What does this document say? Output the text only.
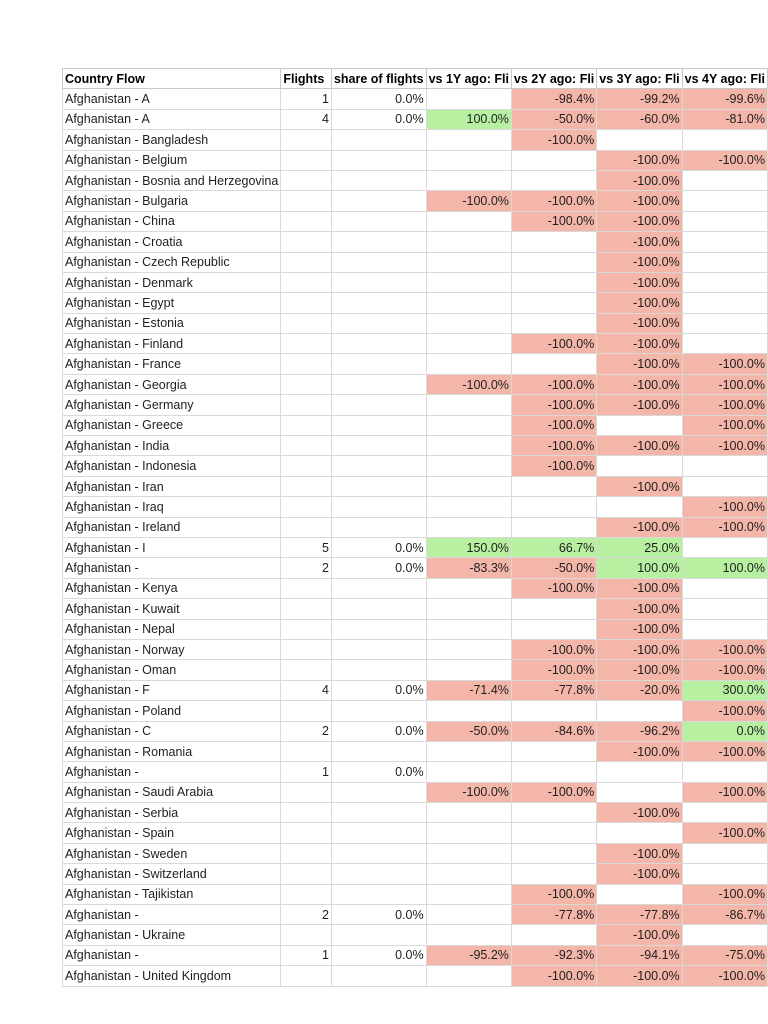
Country Flow	Flights	share of flights	vs 1Y ago: Fli	vs 2Y ago: Fli	vs 3Y ago: Fli	vs 4Y ago: Fli
Afghanistan - A	1	0.0%		-98.4%	-99.2%	-99.6%
Afghanistan - A	4	0.0%	100.0%	-50.0%	-60.0%	-81.0%
Afghanistan - Bangladesh				-100.0%		
Afghanistan - Belgium					-100.0%	-100.0%
Afghanistan - Bosnia and Herzegovina					-100.0%	
Afghanistan - Bulgaria			-100.0%	-100.0%	-100.0%	
Afghanistan - China				-100.0%	-100.0%	
Afghanistan - Croatia					-100.0%	
Afghanistan - Czech Republic					-100.0%	
Afghanistan - Denmark					-100.0%	
Afghanistan - Egypt					-100.0%	
Afghanistan - Estonia					-100.0%	
Afghanistan - Finland				-100.0%	-100.0%	
Afghanistan - France					-100.0%	-100.0%
Afghanistan - Georgia			-100.0%	-100.0%	-100.0%	-100.0%
Afghanistan - Germany				-100.0%	-100.0%	-100.0%
Afghanistan - Greece				-100.0%		-100.0%
Afghanistan - India				-100.0%	-100.0%	-100.0%
Afghanistan - Indonesia				-100.0%		
Afghanistan - Iran					-100.0%	
Afghanistan - Iraq						-100.0%
Afghanistan - Ireland					-100.0%	-100.0%
Afghanistan - I	5	0.0%	150.0%	66.7%	25.0%	
Afghanistan -	2	0.0%	-83.3%	-50.0%	100.0%	100.0%
Afghanistan - Kenya				-100.0%	-100.0%	
Afghanistan - Kuwait					-100.0%	
Afghanistan - Nepal					-100.0%	
Afghanistan - Norway				-100.0%	-100.0%	-100.0%
Afghanistan - Oman				-100.0%	-100.0%	-100.0%
Afghanistan - F	4	0.0%	-71.4%	-77.8%	-20.0%	300.0%
Afghanistan - Poland						-100.0%
Afghanistan - C	2	0.0%	-50.0%	-84.6%	-96.2%	0.0%
Afghanistan - Romania					-100.0%	-100.0%
Afghanistan -	1	0.0%				
Afghanistan - Saudi Arabia			-100.0%	-100.0%		-100.0%
Afghanistan - Serbia					-100.0%	
Afghanistan - Spain						-100.0%
Afghanistan - Sweden					-100.0%	
Afghanistan - Switzerland					-100.0%	
Afghanistan - Tajikistan				-100.0%		-100.0%
Afghanistan -	2	0.0%		-77.8%	-77.8%	-86.7%
Afghanistan - Ukraine					-100.0%	
Afghanistan -	1	0.0%	-95.2%	-92.3%	-94.1%	-75.0%
Afghanistan - United Kingdom				-100.0%	-100.0%	-100.0%
